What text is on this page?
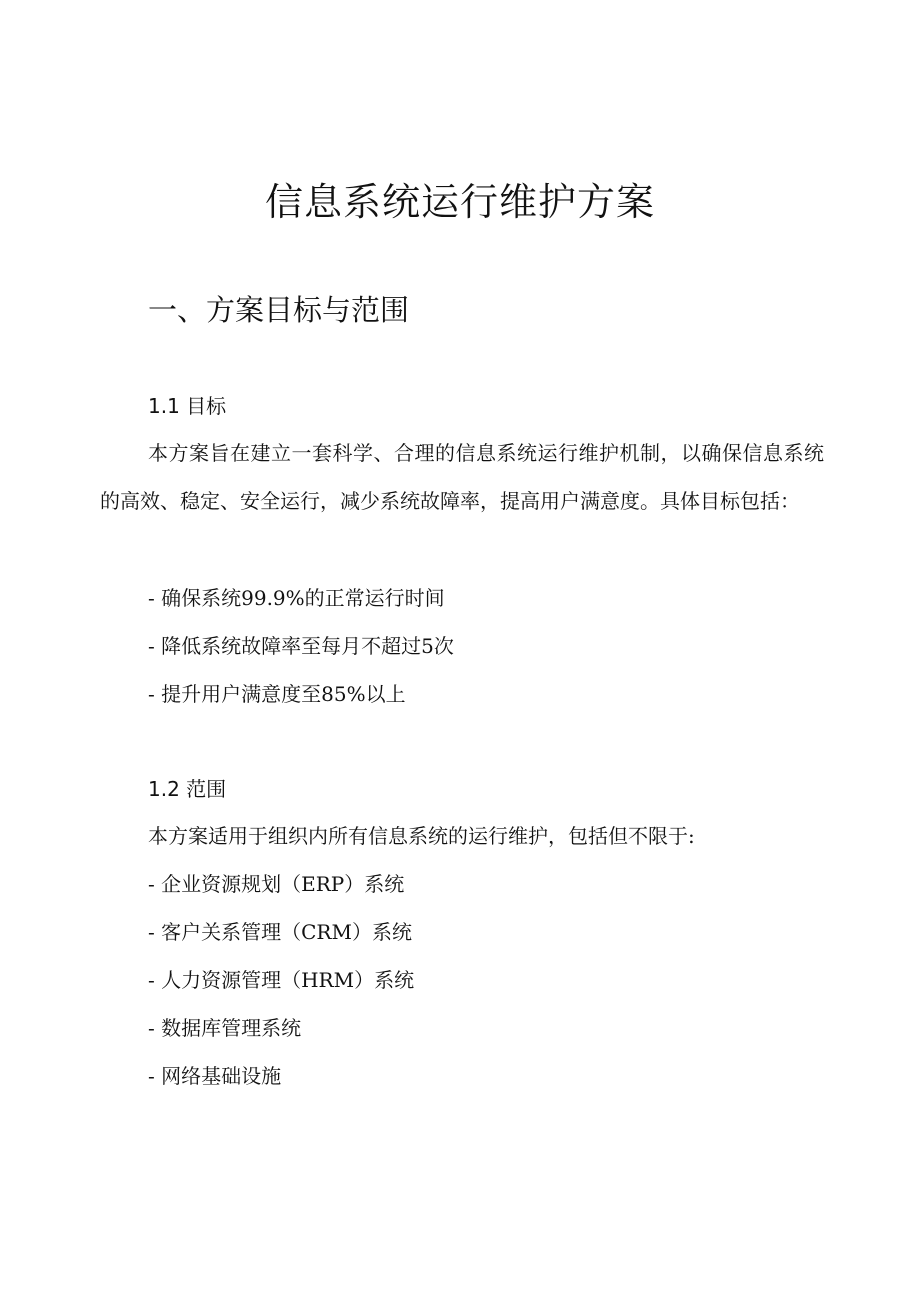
信息系统运行维护方案
一、方案目标与范围
1.1 目标

本方案旨在建立一套科学、合理的信息系统运行维护机制，以确保信息系统的高效、稳定、安全运行，减少系统故障率，提高用户满意度。具体目标包括：

- 确保系统99.9%的正常运行时间

- 降低系统故障率至每月不超过5次

- 提升用户满意度至85%以上

1.2 范围

本方案适用于组织内所有信息系统的运行维护，包括但不限于:

- 企业资源规划（ERP）系统

- 客户关系管理（CRM）系统

- 人力资源管理（HRM）系统

- 数据库管理系统

- 网络基础设施
